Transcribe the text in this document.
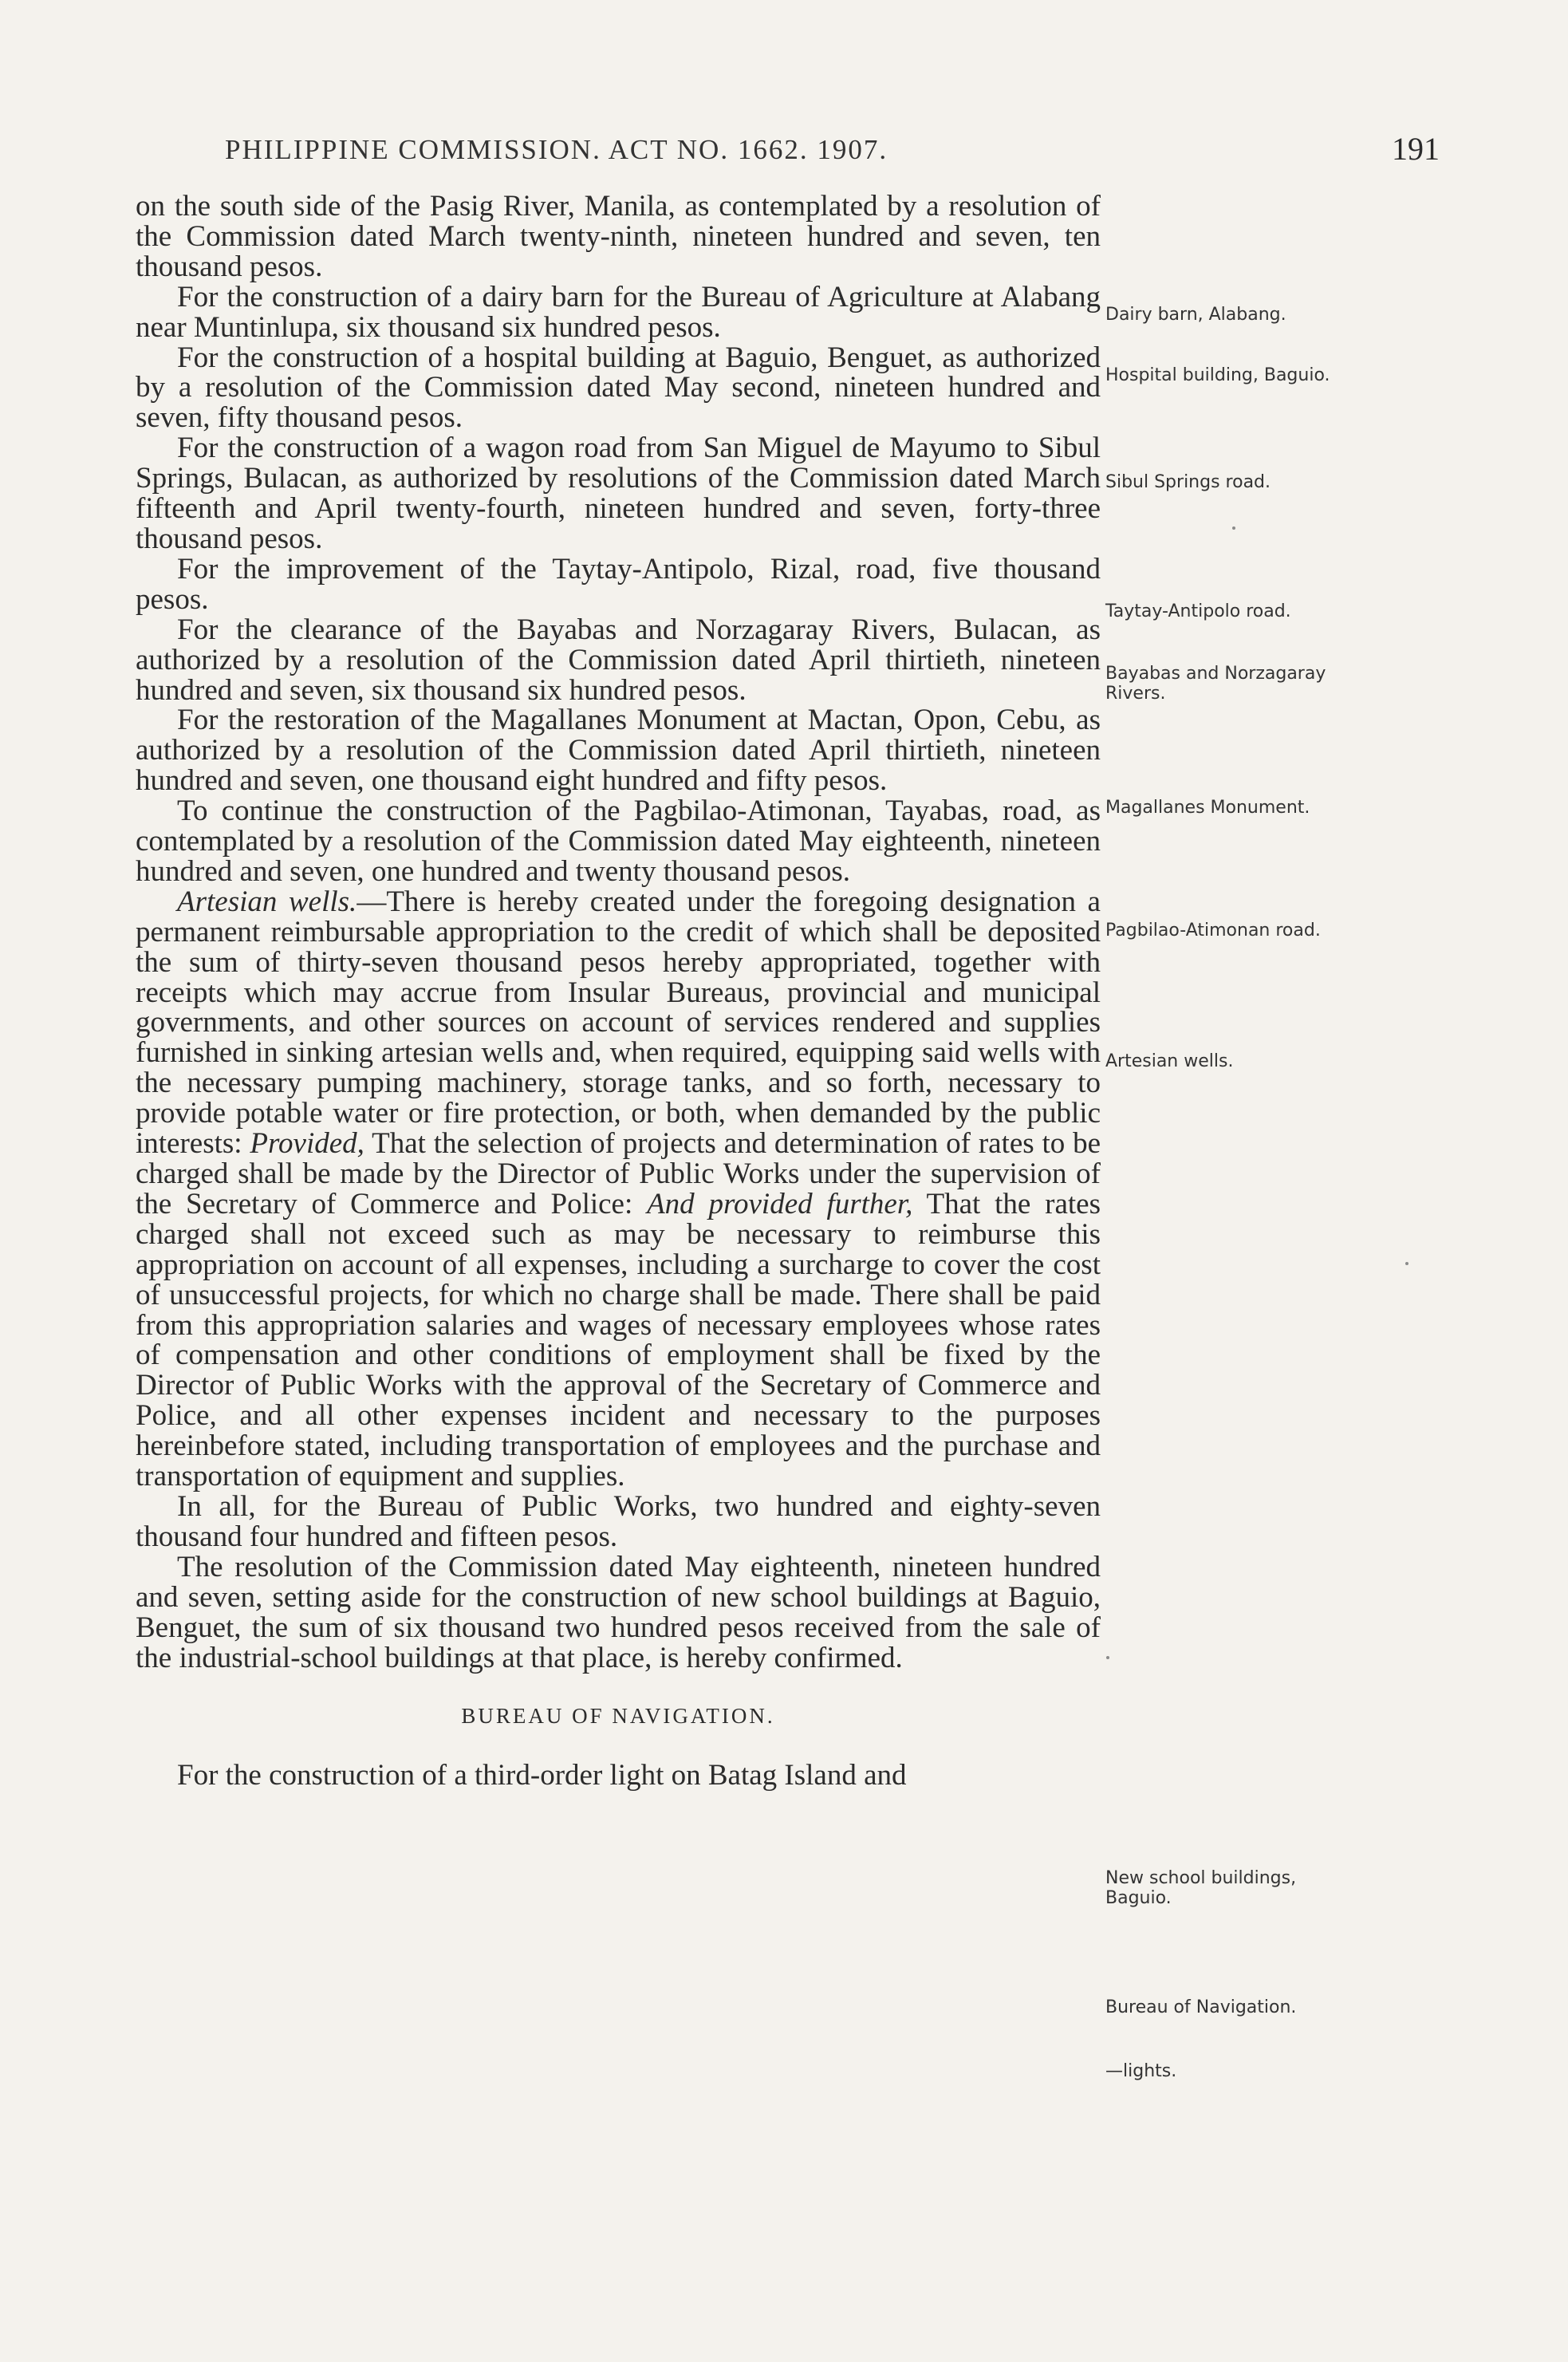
PHILIPPINE COMMISSION. ACT NO. 1662. 1907.	191

on the south side of the Pasig River, Manila, as contemplated by a resolution of the Commission dated March twenty-ninth, nineteen hundred and seven, ten thousand pesos.

For the construction of a dairy barn for the Bureau of Agriculture at Alabang near Muntinlupa, six thousand six hundred pesos.

For the construction of a hospital building at Baguio, Benguet, as authorized by a resolution of the Commission dated May second, nineteen hundred and seven, fifty thousand pesos.

For the construction of a wagon road from San Miguel de Mayumo to Sibul Springs, Bulacan, as authorized by resolutions of the Commission dated March fifteenth and April twenty-fourth, nineteen hundred and seven, forty-three thousand pesos.

For the improvement of the Taytay-Antipolo, Rizal, road, five thousand pesos.

For the clearance of the Bayabas and Norzagaray Rivers, Bulacan, as authorized by a resolution of the Commission dated April thirtieth, nineteen hundred and seven, six thousand six hundred pesos.

For the restoration of the Magallanes Monument at Mactan, Opon, Cebu, as authorized by a resolution of the Commission dated April thirtieth, nineteen hundred and seven, one thousand eight hundred and fifty pesos.

To continue the construction of the Pagbilao-Atimonan, Tayabas, road, as contemplated by a resolution of the Commission dated May eighteenth, nineteen hundred and seven, one hundred and twenty thousand pesos.

Artesian wells.—There is hereby created under the foregoing designation a permanent reimbursable appropriation to the credit of which shall be deposited the sum of thirty-seven thousand pesos hereby appropriated, together with receipts which may accrue from Insular Bureaus, provincial and municipal governments, and other sources on account of services rendered and supplies furnished in sinking artesian wells and, when required, equipping said wells with the necessary pumping machinery, storage tanks, and so forth, necessary to provide potable water or fire protection, or both, when demanded by the public interests: Provided, That the selection of projects and determination of rates to be charged shall be made by the Director of Public Works under the supervision of the Secretary of Commerce and Police: And provided further, That the rates charged shall not exceed such as may be necessary to reimburse this appropriation on account of all expenses, including a surcharge to cover the cost of unsuccessful projects, for which no charge shall be made. There shall be paid from this appropriation salaries and wages of necessary employees whose rates of compensation and other conditions of employment shall be fixed by the Director of Public Works with the approval of the Secretary of Commerce and Police, and all other expenses incident and necessary to the purposes hereinbefore stated, including transportation of employees and the purchase and transportation of equipment and supplies.

In all, for the Bureau of Public Works, two hundred and eighty-seven thousand four hundred and fifteen pesos.

The resolution of the Commission dated May eighteenth, nineteen hundred and seven, setting aside for the construction of new school buildings at Baguio, Benguet, the sum of six thousand two hundred pesos received from the sale of the industrial-school buildings at that place, is hereby confirmed.

BUREAU OF NAVIGATION.

For the construction of a third-order light on Batag Island and

Dairy barn, Alabang.
Hospital building, Baguio.
Sibul Springs road.
Taytay-Antipolo road.
Bayabas and Norzagaray Rivers.
Magallanes Monument.
Pagbilao-Atimonan road.
Artesian wells.
New school buildings, Baguio.
Bureau of Navigation.
—lights.
